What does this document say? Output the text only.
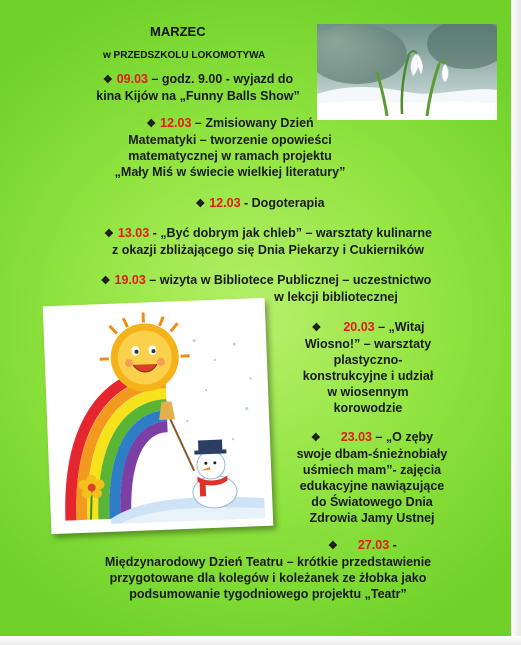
MARZEC
w PRZEDSZKOLU LOKOMOTYWA
❖ 09.03 – godz. 9.00 - wyjazd do
kina Kijów na „Funny Balls Show”
❖ 12.03 – Zmisiowany Dzień
Matematyki – tworzenie opowieści
matematycznej w ramach projektu
„Mały Miś w świecie wielkiej literatury”
❖ 12.03 - Dogoterapia
❖ 13.03 - „Być dobrym jak chleb” – warsztaty kulinarne
z okazji zbliżającego się Dnia Piekarzy i Cukierników
❖ 19.03 – wizyta w Bibliotece Publicznej – uczestnictwo
w lekcji bibliotecznej
❖ 20.03 – „Witaj
Wiosno!” – warsztaty
plastyczno-
konstrukcyjne i udział
w wiosennym
korowodzie
❖ 23.03 – „O zęby
swoje dbam-śnieżnobiały
uśmiech mam”- zajęcia
edukacyjne nawiązujące
do Światowego Dnia
Zdrowia Jamy Ustnej
❖ 27.03 -
Międzynarodowy Dzień Teatru – krótkie przedstawienie
przygotowane dla kolegów i koleżanek ze żłobka jako
podsumowanie tygodniowego projektu „Teatr”
